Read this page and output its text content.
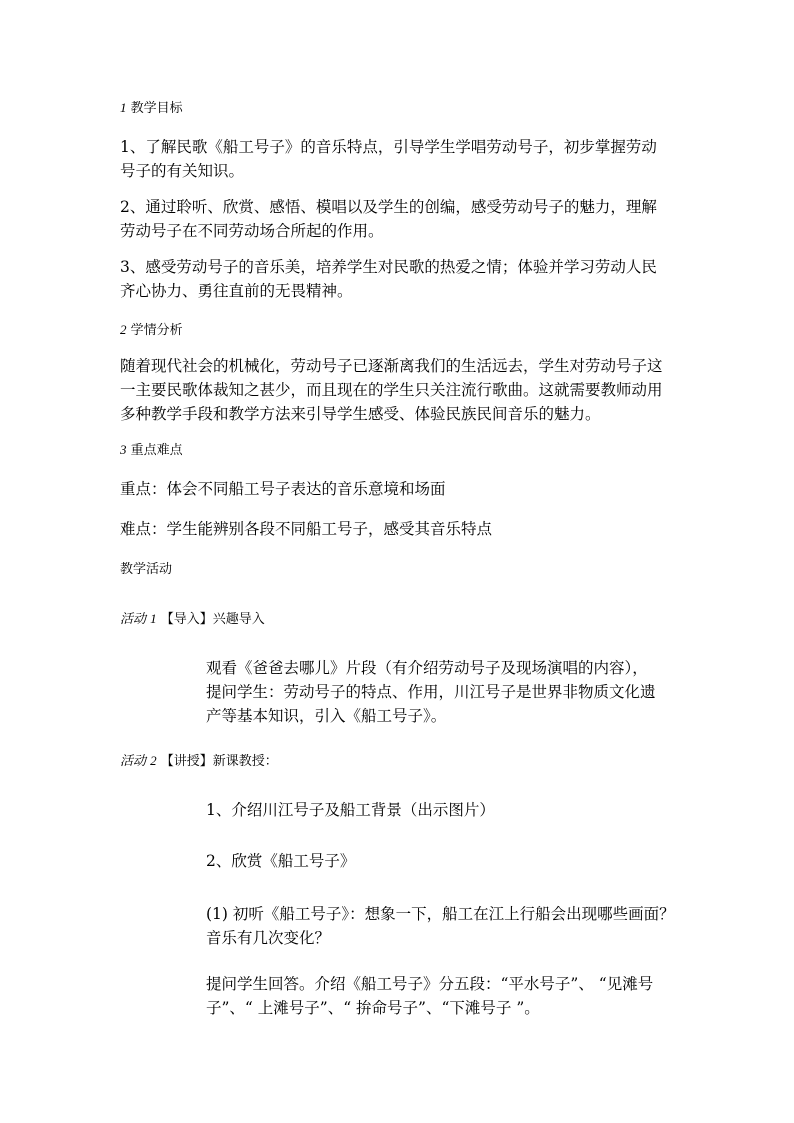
1 教学目标
1、了解民歌《船工号子》的音乐特点，引导学生学唱劳动号子，初步掌握劳动
号子的有关知识。
2、通过聆听、欣赏、感悟、模唱以及学生的创编，感受劳动号子的魅力，理解
劳动号子在不同劳动场合所起的作用。
3、感受劳动号子的音乐美，培养学生对民歌的热爱之情；体验并学习劳动人民
齐心协力、勇往直前的无畏精神。
2 学情分析
随着现代社会的机械化，劳动号子已逐渐离我们的生活远去，学生对劳动号子这
一主要民歌体裁知之甚少，而且现在的学生只关注流行歌曲。这就需要教师动用
多种教学手段和教学方法来引导学生感受、体验民族民间音乐的魅力。
3 重点难点
重点：体会不同船工号子表达的音乐意境和场面
难点：学生能辨别各段不同船工号子，感受其音乐特点
教学活动
活动 1 【导入】兴趣导入
观看《爸爸去哪儿》片段（有介绍劳动号子及现场演唱的内容），
提问学生：劳动号子的特点、作用，川江号子是世界非物质文化遗
产等基本知识，引入《船工号子》。
活动 2 【讲授】新课教授：
1、介绍川江号子及船工背景（出示图片）
2、欣赏《船工号子》
(1) 初听《船工号子》：想象一下，船工在江上行船会出现哪些画面？
音乐有几次变化？
提问学生回答。介绍《船工号子》分五段：“平水号子”、 “见滩号
子”、“ 上滩号子”、“ 拚命号子”、“下滩号子 ”。
